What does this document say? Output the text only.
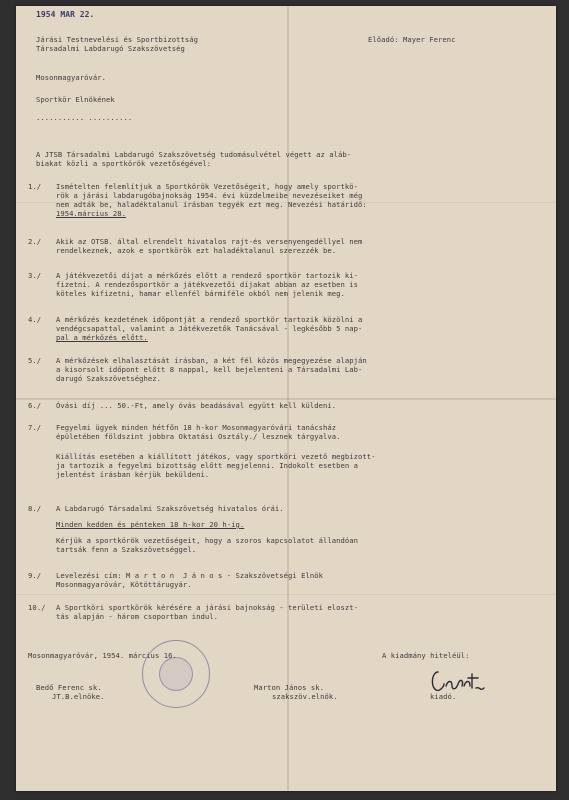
1954 MAR 22.
Járási Testnevelési és Sportbizottság
Társadalmi Labdarugó Szakszövetség
Előadó: Mayer Ferenc
Mosonmagyaróvár.
Sportkör Elnökének
........... ..........
A JTSB Társadalmi Labdarugó Szakszövetség tudomásulvétel végett az aláb-
biakat közli a sportkörök vezetőségével:
1./ Ismételten felemlítjuk a Sportkörök Vezetőségeit, hogy amely sportkö-
rök a járási labdarugóbajnokság 1954. évi küzdelmeibe nevezéseiket még
nem adták be, haladéktalanul írásban tegyék ezt meg. Nevezési határidő:
1954.március 28.
2./ Akik az OTSB. által elrendelt hivatalos rajt-és versenyengedéllyel nem
rendelkeznek, azok e sportkörök ezt haladéktalanul szerezzék be.
3./ A játékvezetői díjat a mérkőzés előtt a rendező sportkör tartozik ki-
fizetni. A rendezősportkör a játékvezetői díjakat abban az esetben is
köteles kifizetni, hamar ellenfél bármiféle okból nem jelenik meg.
4./ A mérkőzés kezdetének időpontját a rendező sportkör tartozik közölni a
vendégcsapattal, valamint a Játékvezetők Tanácsával - legkésőbb 5 nap-
pal a mérkőzés előtt.
5./ A mérkőzések elhalasztását írásban, a két fél közös megegyezése alapján
a kisorsolt időpont előtt 8 nappal, kell bejelenteni a Társadalmi Lab-
darugó Szakszövetséghez.
6./ Óvási díj ... 50.-Ft, amely óvás beadásával együtt kell küldeni.
7./ Fegyelmi ügyek minden hétfőn 18 h-kor Mosonmagyaróvári tanácsház
épületében földszint jobbra Oktatási Osztály./ lesznek tárgyalva.
Kiállítás esetében a kiállított játékos, vagy sportköri vezető megbízott-
ja tartozik a fegyelmi bizottság előtt megjelenni. Indokolt esetben a
jelentést írásban kérjük beküldeni.
8./ A Labdarugó Társadalmi Szakszövetség hivatalos órái.
Minden kedden és pénteken 18 h-kor 20 h-ig.
Kérjük a sportkörök vezetőségeit, hogy a szoros kapcsolatot állandóan
tartsák fenn a Szakszövetséggel.
9./ Levelezési cím: M a r t o n  J á n o s - Szakszövetségi Elnök
Mosonmagyaróvár, Kötöttárugyár.
10./ A Sportköri sportkörök kérésére a járási bajnokság - területi eloszt-
tás alapján - három csoportban indul.
Mosonmagyaróvár, 1954. március 16.	A kiadmány hiteléül:
Bedő Ferenc sk.
JT.B.elnöke.
Marton János sk.
szakszöv.elnök.	kiadó.
